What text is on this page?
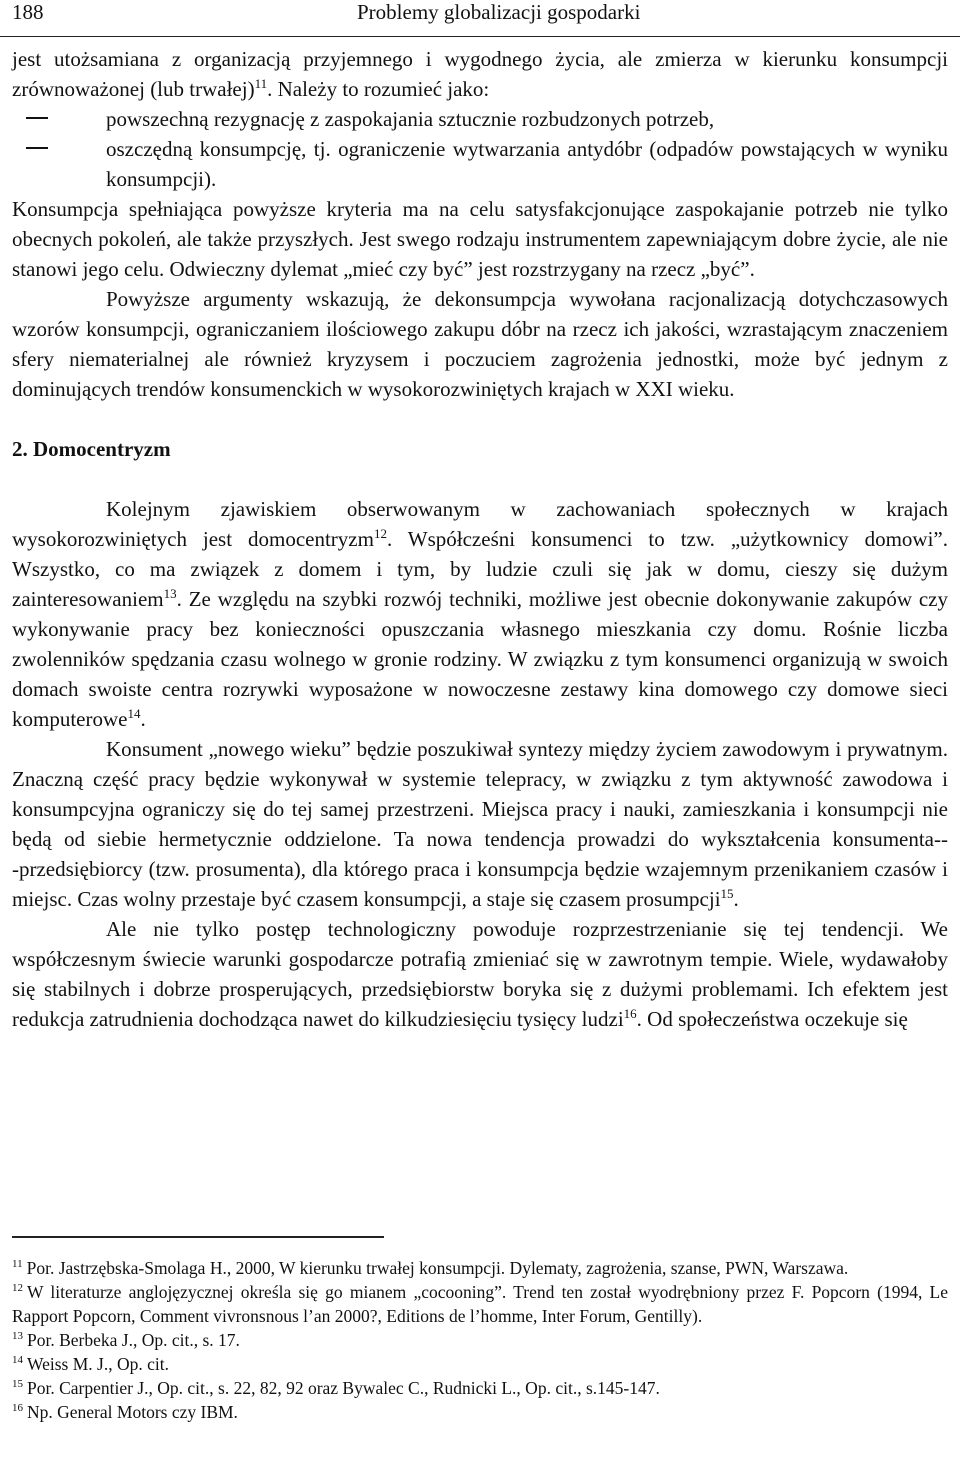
188	Problemy globalizacji gospodarki

jest utożsamiana z organizacją przyjemnego i wygodnego życia, ale zmierza w kierunku konsumpcji zrównoważonej (lub trwałej)$^{11}$. Należy to rozumieć jako:

powszechną rezygnację z zaspokajania sztucznie rozbudzonych potrzeb,
oszczędną konsumpcję, tj. ograniczenie wytwarzania antydóbr (odpadów powstających w wyniku konsumpcji).

Konsumpcja spełniająca powyższe kryteria ma na celu satysfakcjonujące zaspokajanie potrzeb nie tylko obecnych pokoleń, ale także przyszłych. Jest swego rodzaju instrumentem zapewniającym dobre życie, ale nie stanowi jego celu. Odwieczny dylemat „mieć czy być” jest rozstrzygany na rzecz „być”.

Powyższe argumenty wskazują, że dekonsumpcja wywołana racjonalizacją dotychczasowych wzorów konsumpcji, ograniczaniem ilościowego zakupu dóbr na rzecz ich jakości, wzrastającym znaczeniem sfery niematerialnej ale również kryzysem i poczuciem zagrożenia jednostki, może być jednym z dominujących trendów konsumenckich w wysokorozwiniętych krajach w XXI wieku.

2. Domocentryzm

Kolejnym zjawiskiem obserwowanym w zachowaniach społecznych w krajach wysokorozwiniętych jest domocentryzm$^{12}$. Współcześni konsumenci to tzw. „użytkownicy domowi”. Wszystko, co ma związek z domem i tym, by ludzie czuli się jak w domu, cieszy się dużym zainteresowaniem$^{13}$. Ze względu na szybki rozwój techniki, możliwe jest obecnie dokonywanie zakupów czy wykonywanie pracy bez konieczności opuszczania własnego mieszkania czy domu. Rośnie liczba zwolenników spędzania czasu wolnego w gronie rodziny. W związku z tym konsumenci organizują w swoich domach swoiste centra rozrywki wyposażone w nowoczesne zestawy kina domowego czy domowe sieci komputerowe$^{14}$.

Konsument „nowego wieku” będzie poszukiwał syntezy między życiem zawodowym i prywatnym. Znaczną część pracy będzie wykonywał w systemie telepracy, w związku z tym aktywność zawodowa i konsumpcyjna ograniczy się do tej samej przestrzeni. Miejsca pracy i nauki, zamieszkania i konsumpcji nie będą od siebie hermetycznie oddzielone. Ta nowa tendencja prowadzi do wykształcenia konsumenta-‑przedsiębiorcy (tzw. prosumenta), dla którego praca i konsumpcja będzie wzajemnym przenikaniem czasów i miejsc. Czas wolny przestaje być czasem konsumpcji, a staje się czasem prosumpcji$^{15}$.

Ale nie tylko postęp technologiczny powoduje rozprzestrzenianie się tej tendencji. We współczesnym świecie warunki gospodarcze potrafią zmieniać się w zawrotnym tempie. Wiele, wydawałoby się stabilnych i dobrze prosperujących, przedsiębiorstw boryka się z dużymi problemami. Ich efektem jest redukcja zatrudnienia dochodząca nawet do kilkudziesięciu tysięcy ludzi$^{16}$. Od społeczeństwa oczekuje się

$^{11}$ Por. Jastrzębska-Smolaga H., 2000, W kierunku trwałej konsumpcji. Dylematy, zagrożenia, szanse, PWN, Warszawa.

$^{12}$ W literaturze anglojęzycznej określa się go mianem „cocooning”. Trend ten został wyodrębniony przez F. Popcorn (1994, Le Rapport Popcorn, Comment vivronsnous l’an 2000?, Editions de l’homme, Inter Forum, Gentilly).

$^{13}$ Por. Berbeka J., Op. cit., s. 17.

$^{14}$ Weiss M. J., Op. cit.

$^{15}$ Por. Carpentier J., Op. cit., s. 22, 82, 92 oraz Bywalec C., Rudnicki L., Op. cit., s.145-147.

$^{16}$ Np. General Motors czy IBM.
